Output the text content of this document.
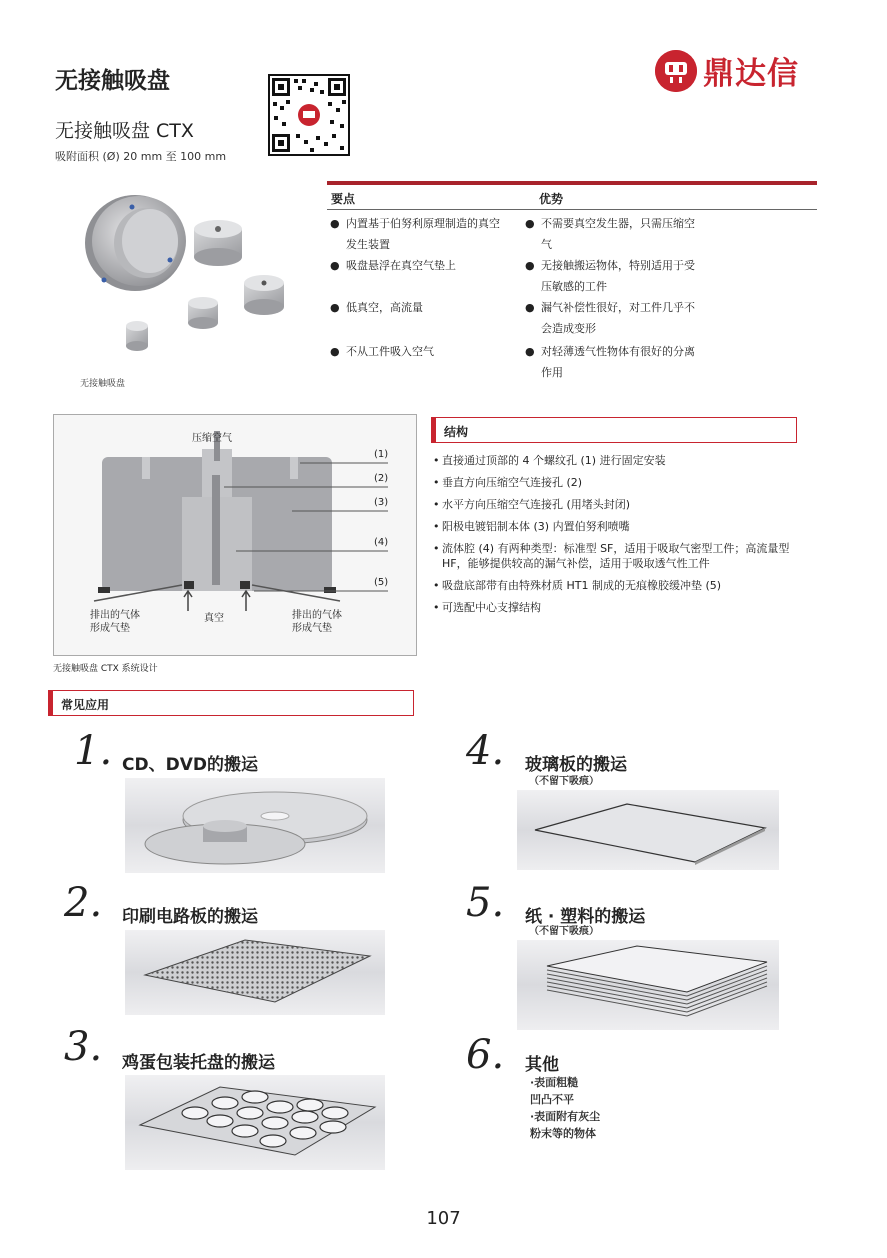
无接触吸盘
无接触吸盘 CTX
吸附面积 (Ø) 20 mm 至 100 mm
鼎达信
无接触吸盘
要点	优势
● 内置基于伯努利原理制造的真空发生装置
● 吸盘悬浮在真空气垫上
● 低真空，高流量
● 不从工件吸入空气
● 不需要真空发生器，只需压缩空气
● 无接触搬运物体，特别适用于受压敏感的工件
● 漏气补偿性很好，对工件几乎不会造成变形
● 对轻薄透气性物体有很好的分离作用
压缩空气
(1)
(2)
(3)
(4)
(5)
排出的气体
形成气垫
真空	排出的气体
形成气垫
无接触吸盘 CTX 系统设计
结构
• 直接通过顶部的 4 个螺纹孔 (1) 进行固定安装
• 垂直方向压缩空气连接孔 (2)
• 水平方向压缩空气连接孔 (用堵头封闭)
• 阳极电镀铝制本体 (3) 内置伯努利喷嘴
• 流体腔 (4) 有两种类型：标准型 SF，适用于吸取气密型工件；高流量型 HF，能够提供较高的漏气补偿，适用于吸取透气性工件
• 吸盘底部带有由特殊材质 HT1 制成的无痕橡胶缓冲垫 (5)
• 可选配中心支撑结构
常见应用
1. CD、DVD的搬运
2. 印刷电路板的搬运
3. 鸡蛋包装托盘的搬运
4. 玻璃板的搬运
（不留下吸痕）
5. 纸 · 塑料的搬运
（不留下吸痕）
6. 其他
·表面粗糙
凹凸不平
·表面附有灰尘
粉末等的物体
107
